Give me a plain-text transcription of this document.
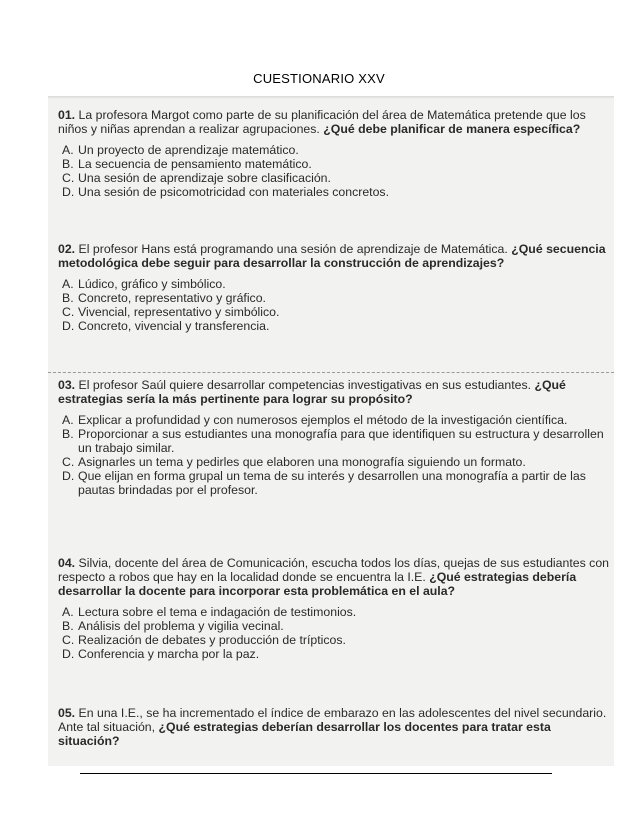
CUESTIONARIO XXV

01. La profesora Margot como parte de su planificación del área de Matemática pretende que los niños y niñas aprendan a realizar agrupaciones. ¿Qué debe planificar de manera específica?

A. Un proyecto de aprendizaje matemático.
B. La secuencia de pensamiento matemático.
C. Una sesión de aprendizaje sobre clasificación.
D. Una sesión de psicomotricidad con materiales concretos.

02. El profesor Hans está programando una sesión de aprendizaje de Matemática. ¿Qué secuencia metodológica debe seguir para desarrollar la construcción de aprendizajes?

A. Lúdico, gráfico y simbólico.
B. Concreto, representativo y gráfico.
C. Vivencial, representativo y simbólico.
D. Concreto, vivencial y transferencia.

03. El profesor Saúl quiere desarrollar competencias investigativas en sus estudiantes. ¿Qué estrategias sería la más pertinente para lograr su propósito?

A. Explicar a profundidad y con numerosos ejemplos el método de la investigación científica.
B. Proporcionar a sus estudiantes una monografía para que identifiquen su estructura y desarrollen un trabajo similar.
C. Asignarles un tema y pedirles que elaboren una monografía siguiendo un formato.
D. Que elijan en forma grupal un tema de su interés y desarrollen una monografía a partir de las pautas brindadas por el profesor.

04. Silvia, docente del área de Comunicación, escucha todos los días, quejas de sus estudiantes con respecto a robos que hay en la localidad donde se encuentra la I.E. ¿Qué estrategias debería desarrollar la docente para incorporar esta problemática en el aula?

A. Lectura sobre el tema e indagación de testimonios.
B. Análisis del problema y vigilia vecinal.
C. Realización de debates y producción de trípticos.
D. Conferencia y marcha por la paz.

05. En una I.E., se ha incrementado el índice de embarazo en las adolescentes del nivel secundario. Ante tal situación, ¿Qué estrategias deberían desarrollar los docentes para tratar esta situación?
